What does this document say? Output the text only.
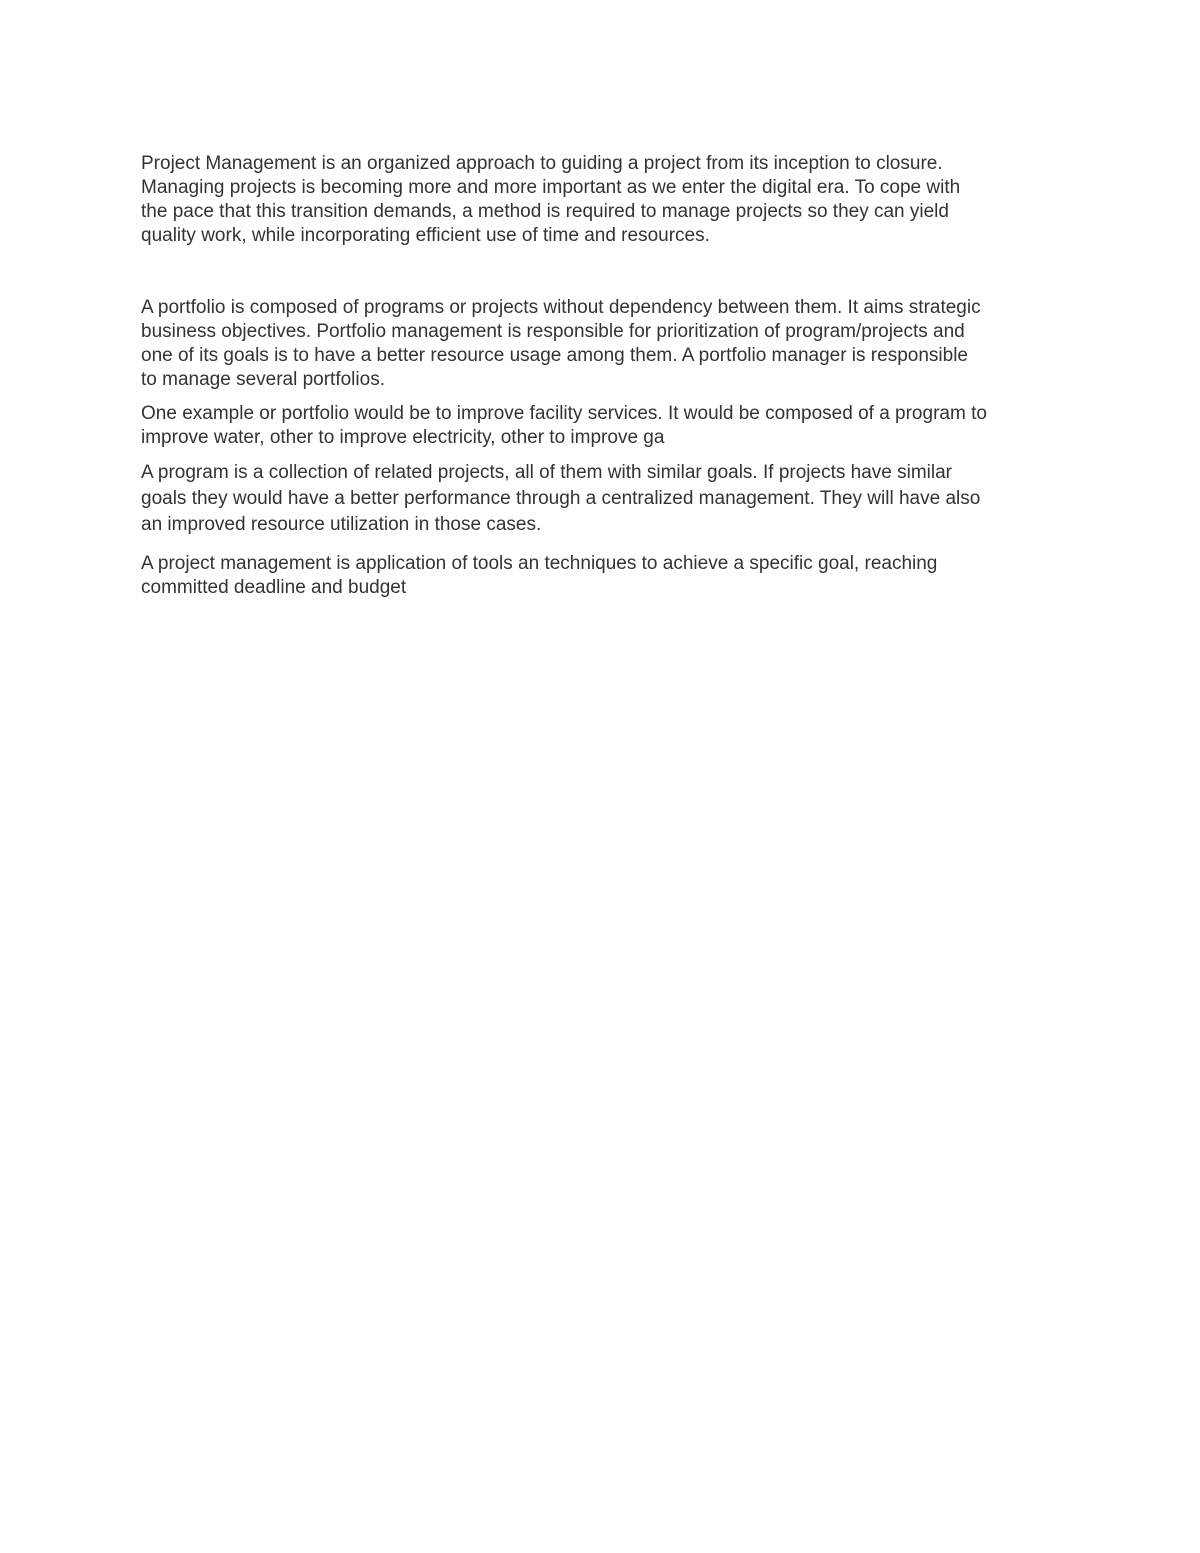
Project Management is an organized approach to guiding a project from its inception to closure.
Managing projects is becoming more and more important as we enter the digital era. To cope with
the pace that this transition demands, a method is required to manage projects so they can yield
quality work, while incorporating efficient use of time and resources.

A portfolio is composed of programs or projects without dependency between them. It aims strategic
business objectives. Portfolio management is responsible for prioritization of program/projects and
one of its goals is to have a better resource usage among them. A portfolio manager is responsible
to manage several portfolios.

One example or portfolio would be to improve facility services. It would be composed of a program to
improve water, other to improve electricity, other to improve ga

A program is a collection of related projects, all of them with similar goals. If projects have similar
goals they would have a better performance through a centralized management. They will have also
an improved resource utilization in those cases.

A project management is application of tools an techniques to achieve a specific goal, reaching
committed deadline and budget
